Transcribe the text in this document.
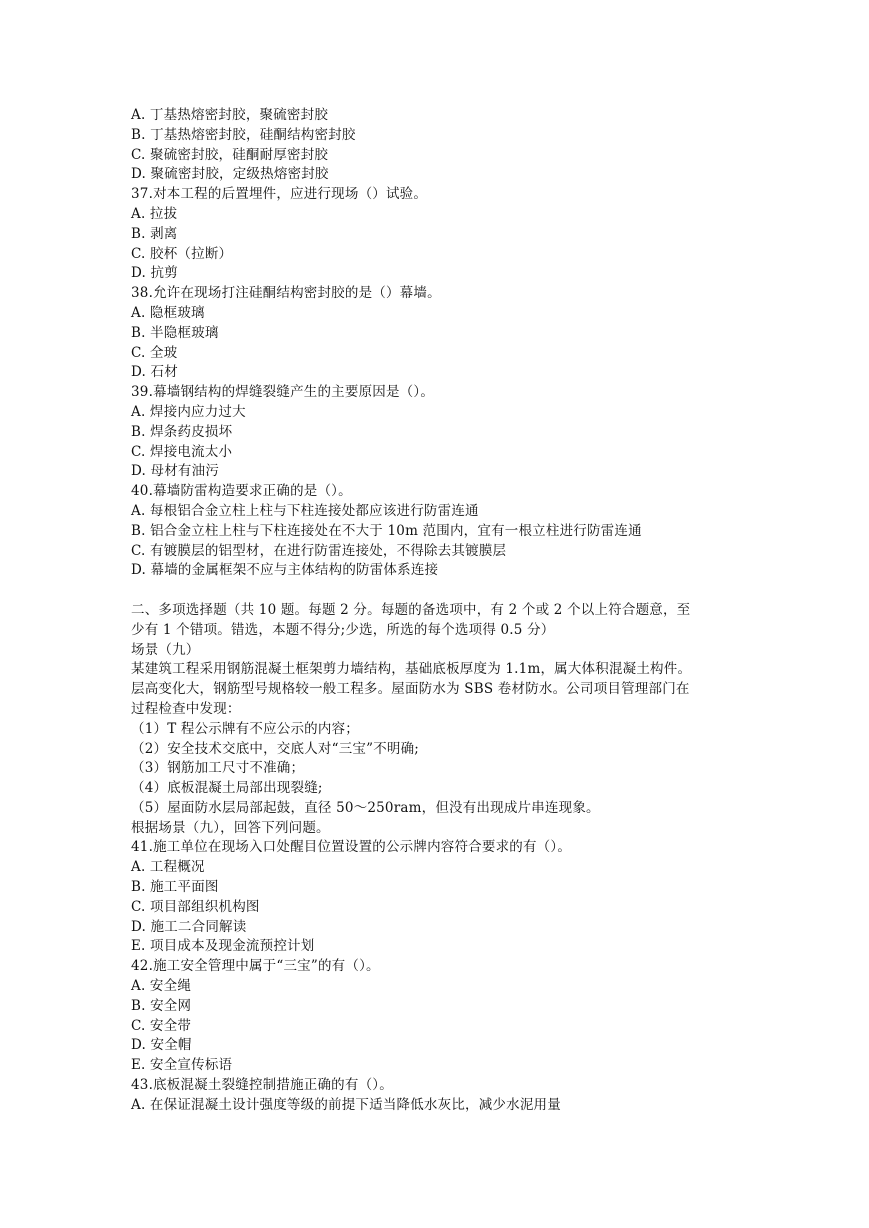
A. 丁基热熔密封胶，聚硫密封胶
B. 丁基热熔密封胶，硅酮结构密封胶
C. 聚硫密封胶，硅酮耐厚密封胶
D. 聚硫密封胶，定级热熔密封胶
37.对本工程的后置埋件，应进行现场（）试验。
A. 拉拔
B. 剥离
C. 胶杯（拉断）
D. 抗剪
38.允许在现场打注硅酮结构密封胶的是（）幕墙。
A. 隐框玻璃
B. 半隐框玻璃
C. 全玻
D. 石材
39.幕墙钢结构的焊缝裂缝产生的主要原因是（）。
A. 焊接内应力过大
B. 焊条药皮损坏
C. 焊接电流太小
D. 母材有油污
40.幕墙防雷构造要求正确的是（）。
A. 每根铝合金立柱上柱与下柱连接处都应该进行防雷连通
B. 铝合金立柱上柱与下柱连接处在不大于 10m 范围内，宜有一根立柱进行防雷连通
C. 有镀膜层的铝型材，在进行防雷连接处，不得除去其镀膜层
D. 幕墙的金属框架不应与主体结构的防雷体系连接
二、多项选择题（共 10 题。每题 2 分。每题的备选项中，有 2 个或 2 个以上符合题意，至
少有 1 个错项。错选，本题不得分;少选，所选的每个选项得 0.5 分）
场景（九）
某建筑工程采用钢筋混凝土框架剪力墙结构，基础底板厚度为 1.1m，属大体积混凝土构件。
层高变化大，钢筋型号规格较一般工程多。屋面防水为 SBS 卷材防水。公司项目管理部门在
过程检查中发现：
（1）T 程公示牌有不应公示的内容；
（2）安全技术交底中，交底人对“三宝”不明确;
（3）钢筋加工尺寸不准确；
（4）底板混凝土局部出现裂缝;
（5）屋面防水层局部起鼓，直径 50～250ram，但没有出现成片串连现象。
根据场景（九），回答下列问题。
41.施工单位在现场入口处醒目位置设置的公示牌内容符合要求的有（）。
A. 工程概况
B. 施工平面图
C. 项目部组织机构图
D. 施工二合同解读
E. 项目成本及现金流预控计划
42.施工安全管理中属于“三宝”的有（）。
A. 安全绳
B. 安全网
C. 安全带
D. 安全帽
E. 安全宣传标语
43.底板混凝土裂缝控制措施正确的有（）。
A. 在保证混凝土设计强度等级的前提下适当降低水灰比，减少水泥用量
